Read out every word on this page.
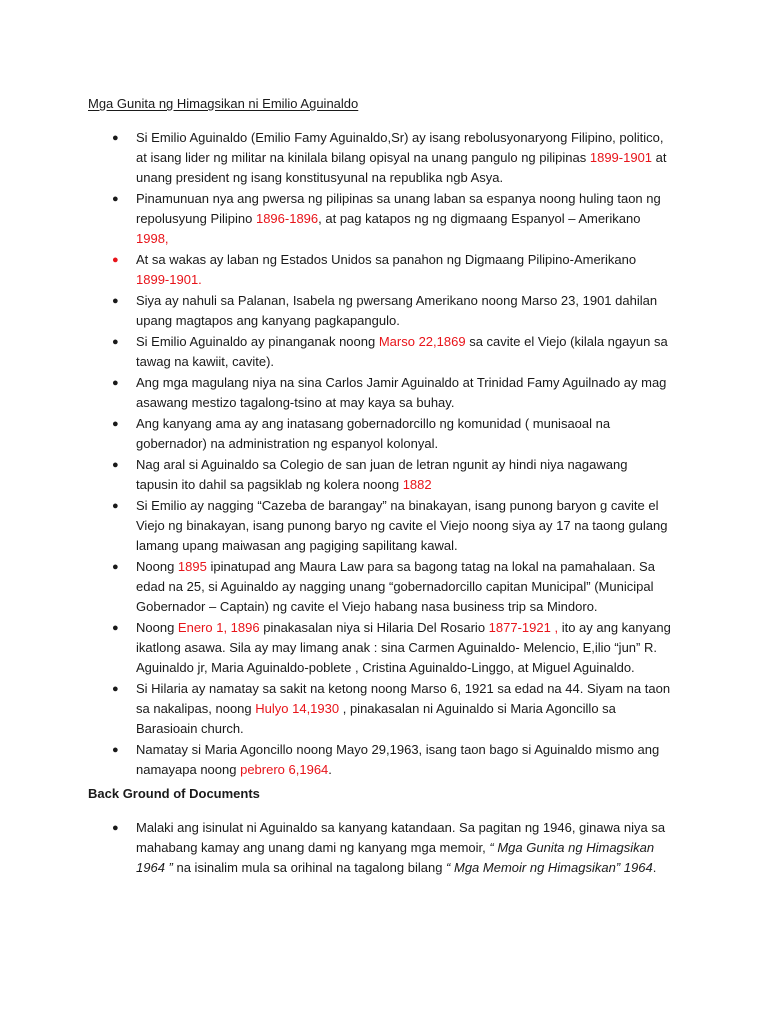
Mga Gunita ng Himagsikan ni Emilio Aguinaldo
●	Si Emilio Aguinaldo (Emilio Famy Aguinaldo,Sr) ay isang rebolusyonaryong Filipino, politico, at isang lider ng militar na kinilala bilang opisyal na unang pangulo ng pilipinas 1899-1901 at unang president ng isang konstitusyunal na republika ngb Asya.
●	Pinamunuan nya ang pwersa ng pilipinas sa unang laban sa espanya noong huling taon ng repolusyung Pilipino 1896-1896, at pag katapos ng ng digmaang Espanyol – Amerikano 1998,
●	At sa wakas ay laban ng Estados Unidos sa panahon ng Digmaang Pilipino-Amerikano 1899-1901.
●	Siya ay nahuli sa Palanan, Isabela ng pwersang Amerikano noong Marso 23, 1901 dahilan upang magtapos ang kanyang pagkapangulo.
●	Si Emilio Aguinaldo ay pinanganak noong Marso 22,1869 sa cavite el Viejo (kilala ngayun sa tawag na kawiit, cavite).
●	Ang mga magulang niya na sina Carlos Jamir Aguinaldo at Trinidad Famy Aguilnado ay mag asawang mestizo tagalong-tsino at may kaya sa buhay.
●	Ang kanyang ama ay ang inatasang gobernadorcillo ng komunidad ( munisaoal na gobernador) na administration ng espanyol kolonyal.
●	Nag aral si Aguinaldo sa Colegio de san juan de letran ngunit ay hindi niya nagawang tapusin ito dahil sa pagsiklab ng kolera noong 1882
●	Si Emilio ay nagging “Cazeba de barangay” na binakayan, isang punong baryon g cavite el Viejo ng binakayan, isang punong baryo ng cavite el Viejo noong siya ay 17 na taong gulang lamang upang maiwasan ang pagiging sapilitang kawal.
●	Noong 1895 ipinatupad ang Maura Law para sa bagong tatag na lokal na pamahalaan. Sa edad na 25, si Aguinaldo ay nagging unang “gobernadorcillo capitan Municipal” (Municipal Gobernador – Captain) ng cavite el Viejo habang nasa business trip sa Mindoro.
●	Noong Enero 1, 1896 pinakasalan niya si Hilaria Del Rosario 1877-1921 , ito ay ang kanyang ikatlong asawa. Sila ay may limang anak : sina Carmen Aguinaldo- Melencio, E,ilio “jun” R. Aguinaldo jr, Maria Aguinaldo-poblete , Cristina Aguinaldo-Linggo, at Miguel Aguinaldo.
●	Si Hilaria ay namatay sa sakit na ketong noong Marso 6, 1921 sa edad na 44. Siyam na taon sa nakalipas, noong Hulyo 14,1930 , pinakasalan ni Aguinaldo si Maria Agoncillo sa Barasioain church.
●	Namatay si Maria Agoncillo noong Mayo 29,1963, isang taon bago si Aguinaldo mismo ang namayapa noong pebrero 6,1964.
Back Ground of Documents
●	Malaki ang isinulat ni Aguinaldo sa kanyang katandaan. Sa pagitan ng 1946, ginawa niya sa mahabang kamay ang unang dami ng kanyang mga memoir, “ Mga Gunita ng Himagsikan 1964 ” na isinalim mula sa orihinal na tagalong bilang “ Mga Memoir ng Himagsikan” 1964.
